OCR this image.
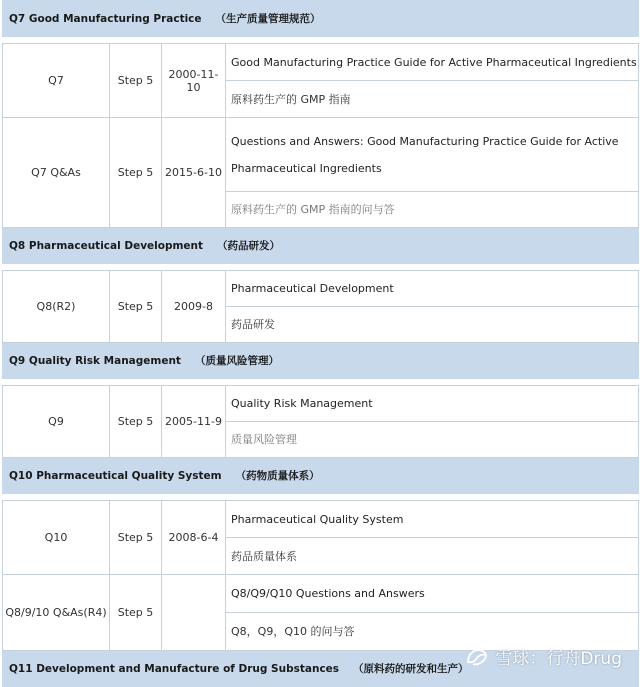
Q7 Good Manufacturing Practice （生产质量管理规范）			

Q7	Step 5	2000-11-10	Good Manufacturing Practice Guide for Active Pharmaceutical Ingredients
			原料药生产的 GMP 指南
Q7 Q&As	Step 5	2015-6-10	Questions and Answers: Good Manufacturing Practice Guide for Active
Pharmaceutical Ingredients

			原料药生产的 GMP 指南的问与答
Q8 Pharmaceutical Development （药品研发）			

Q8(R2)	Step 5	2009-8	Pharmaceutical Development
			药品研发
Q9 Quality Risk Management （质量风险管理）			

Q9	Step 5	2005-11-9	Quality Risk Management
			质量风险管理
Q10 Pharmaceutical Quality System （药物质量体系）			

Q10	Step 5	2008-6-4	Pharmaceutical Quality System
			药品质量体系
Q8/9/10 Q&As(R4)	Step 5		Q8/Q9/Q10 Questions and Answers
			Q8，Q9，Q10 的问与答
Q11 Development and Manufacture of Drug Substances （原料药的研发和生产）			雪球：行舟Drug
